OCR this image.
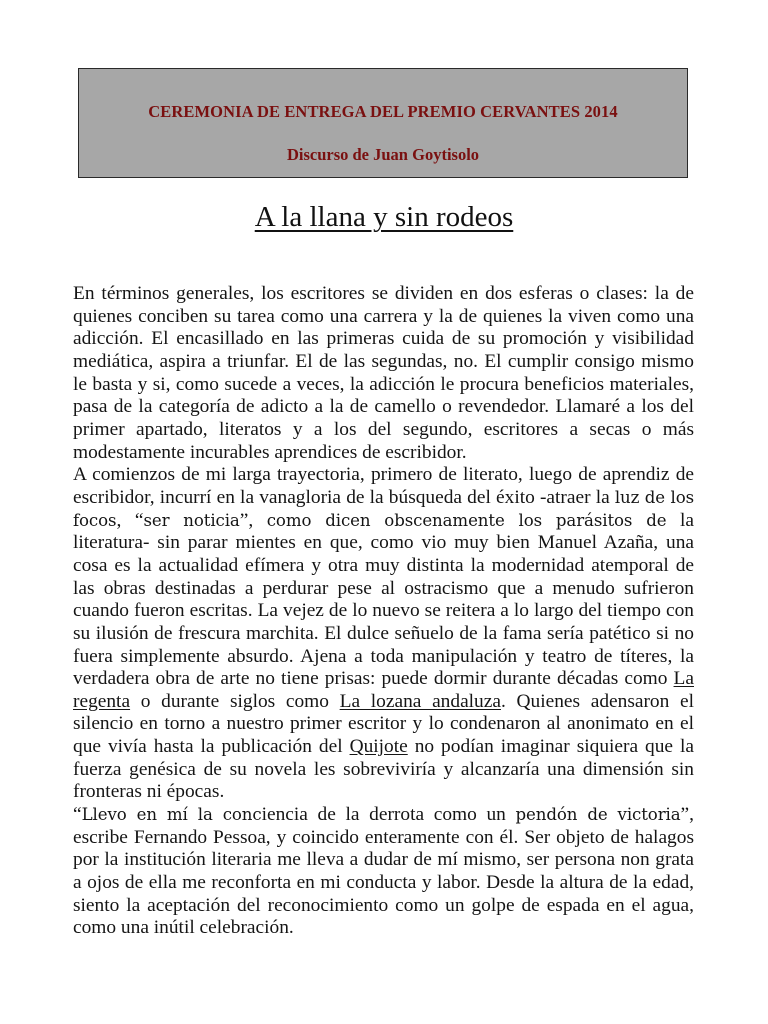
CEREMONIA DE ENTREGA DEL PREMIO CERVANTES 2014
Discurso de Juan Goytisolo
A la llana y sin rodeos

En términos generales, los escritores se dividen en dos esferas o clases: la de quienes conciben su tarea como una carrera y la de quienes la viven como una adicción. El encasillado en las primeras cuida de su promoción y visibilidad mediática, aspira a triunfar. El de las segundas, no. El cumplir consigo mismo le basta y si, como sucede a veces, la adicción le procura beneficios materiales, pasa de la categoría de adicto a la de camello o revendedor. Llamaré a los del primer apartado, literatos y a los del segundo, escritores a secas o más modestamente incurables aprendices de escribidor.

A comienzos de mi larga trayectoria, primero de literato, luego de aprendiz de escribidor, incurrí en la vanagloria de la búsqueda del éxito -atraer la luz de los focos, “ser noticia”, como dicen obscenamente los parásitos de la literatura- sin parar mientes en que, como vio muy bien Manuel Azaña, una cosa es la actualidad efímera y otra muy distinta la modernidad atemporal de las obras destinadas a perdurar pese al ostracismo que a menudo sufrieron cuando fueron escritas. La vejez de lo nuevo se reitera a lo largo del tiempo con su ilusión de frescura marchita. El dulce señuelo de la fama sería patético si no fuera simplemente absurdo. Ajena a toda manipulación y teatro de títeres, la verdadera obra de arte no tiene prisas: puede dormir durante décadas como La regenta o durante siglos como La lozana andaluza. Quienes adensaron el silencio en torno a nuestro primer escritor y lo condenaron al anonimato en el que vivía hasta la publicación del Quijote no podían imaginar siquiera que la fuerza genésica de su novela les sobreviviría y alcanzaría una dimensión sin fronteras ni épocas.

“Llevo en mí la conciencia de la derrota como un pendón de victoria”, escribe Fernando Pessoa, y coincido enteramente con él. Ser objeto de halagos por la institución literaria me lleva a dudar de mí mismo, ser persona non grata a ojos de ella me reconforta en mi conducta y labor. Desde la altura de la edad, siento la aceptación del reconocimiento como un golpe de espada en el agua, como una inútil celebración.
